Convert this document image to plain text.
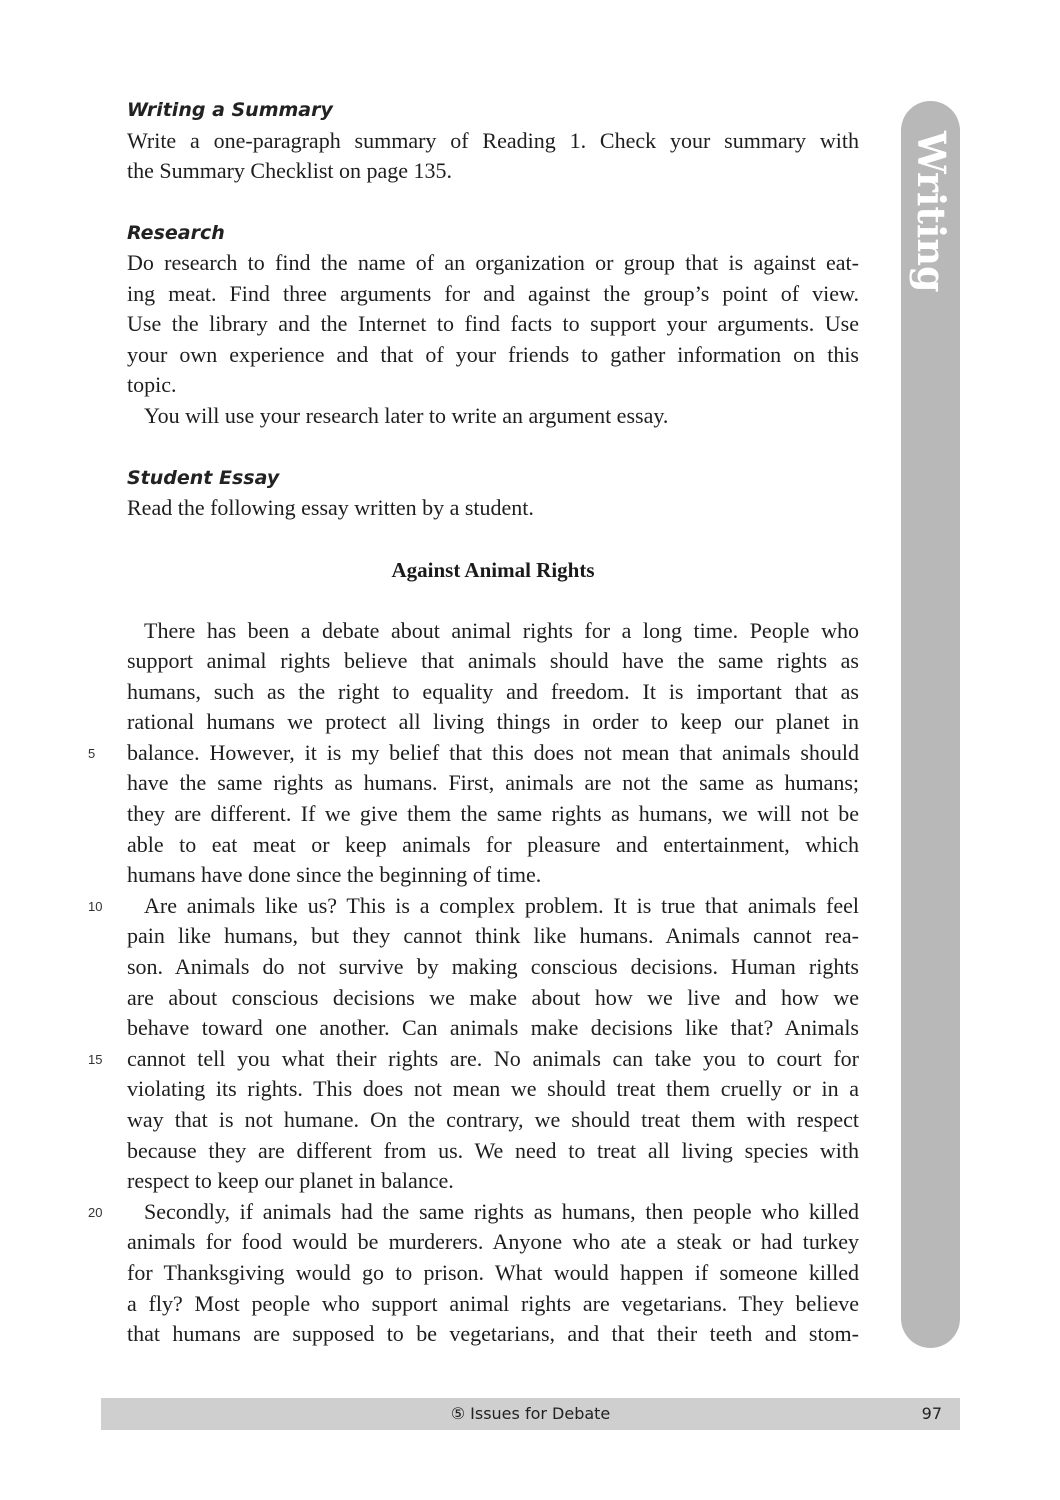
Writing
Writing a Summary
Write a one-paragraph summary of Reading 1. Check your summary with
the Summary Checklist on page 135.
Research
Do research to find the name of an organization or group that is against eat-
ing meat. Find three arguments for and against the group’s point of view.
Use the library and the Internet to find facts to support your arguments. Use
your own experience and that of your friends to gather information on this
topic.
You will use your research later to write an argument essay.
Student Essay
Read the following essay written by a student.
Against Animal Rights
There has been a debate about animal rights for a long time. People who
support animal rights believe that animals should have the same rights as
humans, such as the right to equality and freedom. It is important that as
rational humans we protect all living things in order to keep our planet in
balance. However, it is my belief that this does not mean that animals should
have the same rights as humans. First, animals are not the same as humans;
they are different. If we give them the same rights as humans, we will not be
able to eat meat or keep animals for pleasure and entertainment, which
humans have done since the beginning of time.
Are animals like us? This is a complex problem. It is true that animals feel
pain like humans, but they cannot think like humans. Animals cannot rea-
son. Animals do not survive by making conscious decisions. Human rights
are about conscious decisions we make about how we live and how we
behave toward one another. Can animals make decisions like that? Animals
cannot tell you what their rights are. No animals can take you to court for
violating its rights. This does not mean we should treat them cruelly or in a
way that is not humane. On the contrary, we should treat them with respect
because they are different from us. We need to treat all living species with
respect to keep our planet in balance.
Secondly, if animals had the same rights as humans, then people who killed
animals for food would be murderers. Anyone who ate a steak or had turkey
for Thanksgiving would go to prison. What would happen if someone killed
a fly? Most people who support animal rights are vegetarians. They believe
that humans are supposed to be vegetarians, and that their teeth and stom-
5
10
15
20
⑤ Issues for Debate	97
